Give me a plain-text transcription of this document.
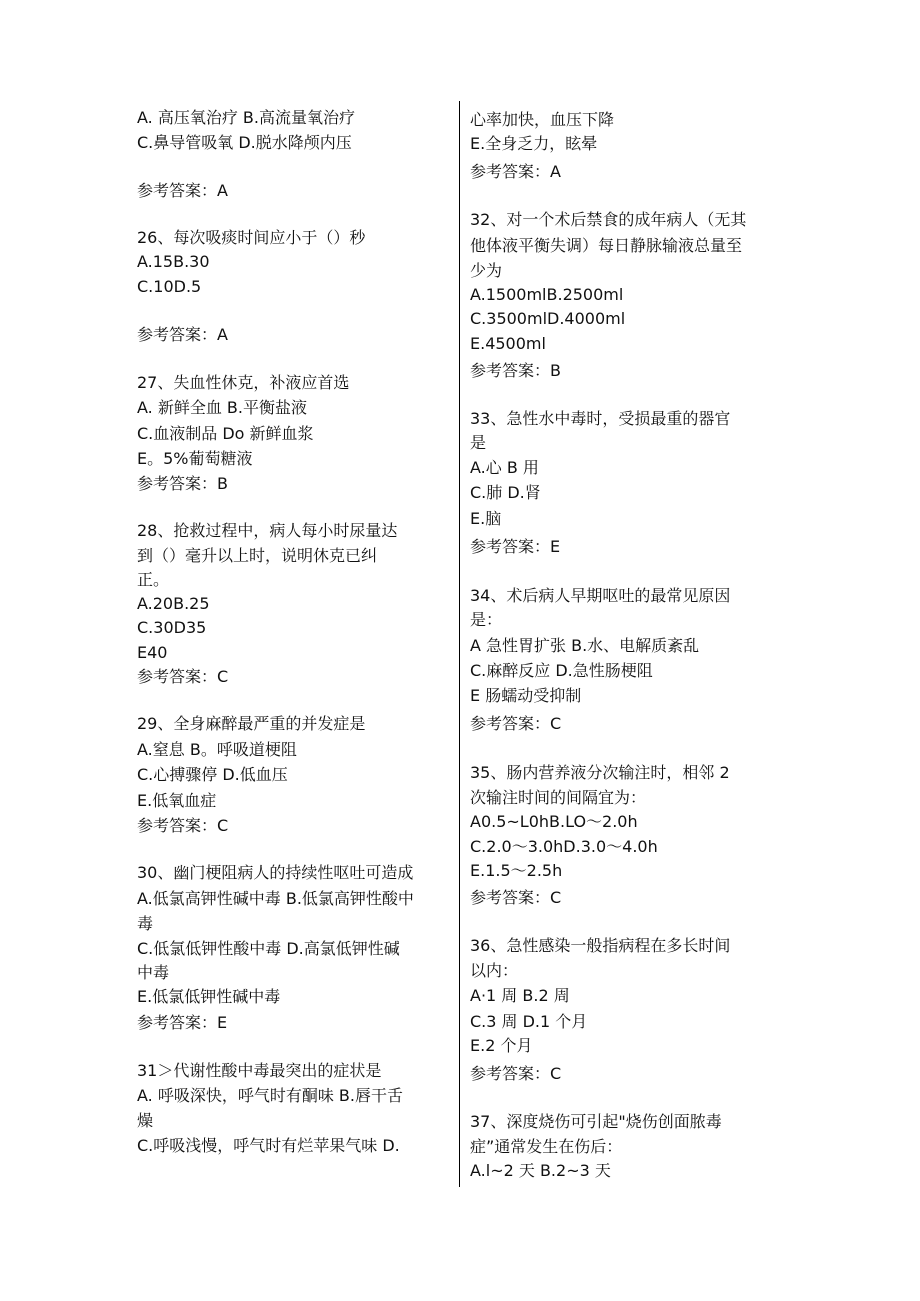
A. 高压氧治疗 B.高流量氧治疗
C.鼻导管吸氧 D.脱水降颅内压
参考答案：A
26、每次吸痰时间应小于（）秒
A.15B.30
C.10D.5
参考答案：A
27、失血性休克，补液应首选
A. 新鲜全血 B.平衡盐液
C.血液制品 Do 新鲜血浆
E。5%葡萄糖液
参考答案：B
28、抢救过程中，病人每小时尿量达
到（）毫升以上时，说明休克已纠
正。
A.20B.25
C.30D35
E40
参考答案：C
29、全身麻醉最严重的并发症是
A.窒息 B。呼吸道梗阻
C.心搏骤停 D.低血压
E.低氧血症
参考答案：C
30、幽门梗阻病人的持续性呕吐可造成
A.低氯高钾性碱中毒 B.低氯高钾性酸中
毒
C.低氯低钾性酸中毒 D.高氯低钾性碱
中毒
E.低氯低钾性碱中毒
参考答案：E
31＞代谢性酸中毒最突出的症状是
A. 呼吸深快，呼气时有酮味 B.唇干舌
燥
C.呼吸浅慢，呼气时有烂苹果气味 D.
心率加快，血压下降
E.全身乏力，眩晕
参考答案：A
32、对一个术后禁食的成年病人（无其
他体液平衡失调）每日静脉输液总量至
少为
A.1500mlB.2500ml
C.3500mlD.4000ml
E.4500ml
参考答案：B
33、急性水中毒时，受损最重的器官
是
A.心 B 用
C.肺 D.肾
E.脑
参考答案：E
34、术后病人早期呕吐的最常见原因
是：
A 急性胃扩张 B.水、电解质紊乱
C.麻醉反应 D.急性肠梗阻
E 肠蠕动受抑制
参考答案：C
35、肠内营养液分次输注时，相邻 2
次输注时间的间隔宜为：
A0.5~L0hB.LO～2.0h
C.2.0～3.0hD.3.0～4.0h
E.1.5～2.5h
参考答案：C
36、急性感染一般指病程在多长时间
以内：
A·1 周 B.2 周
C.3 周 D.1 个月
E.2 个月
参考答案：C
37、深度烧伤可引起"烧伤创面脓毒
症”通常发生在伤后：
A.l~2 天 B.2~3 天
